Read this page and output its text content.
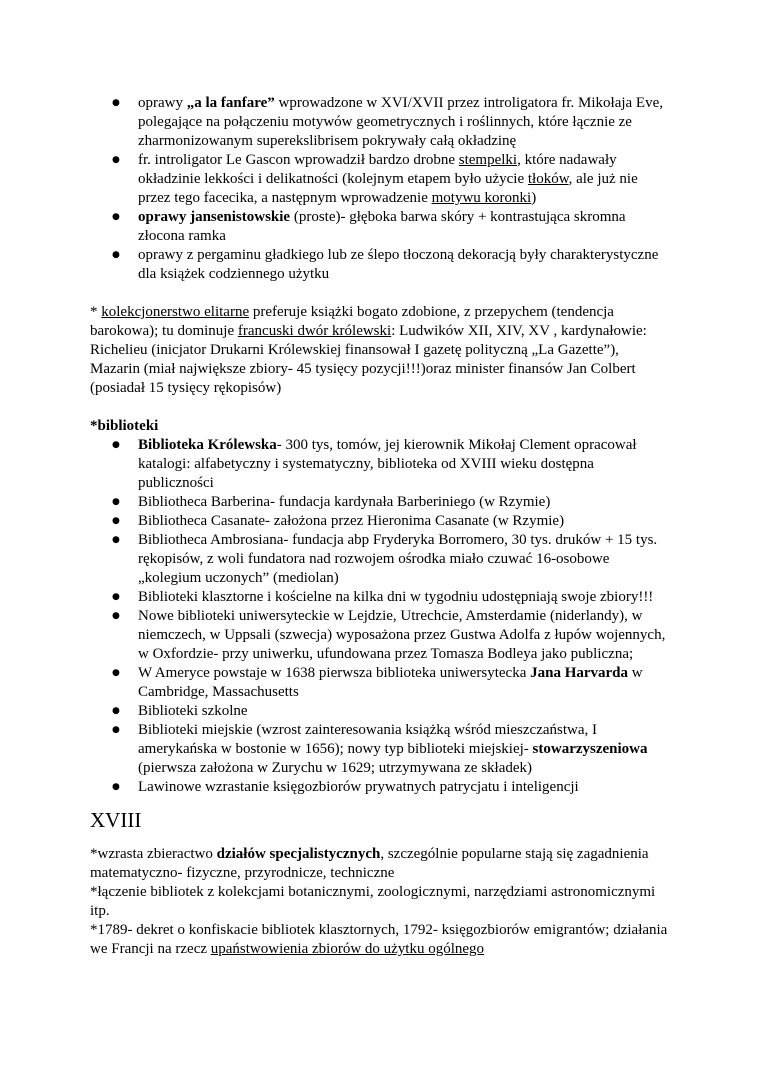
● oprawy „a la fanfare” wprowadzone w XVI/XVII przez introligatora fr. Mikołaja Eve, polegające na połączeniu motywów geometrycznych i roślinnych, które łącznie ze zharmonizowanym superekslibrisem pokrywały całą okładzinę
● fr. introligator Le Gascon wprowadził bardzo drobne stempelki, które nadawały okładzinie lekkości i delikatności (kolejnym etapem było użycie tłoków, ale już nie przez tego facecika, a następnym wprowadzenie motywu koronki)
● oprawy jansenistowskie (proste)- głęboka barwa skóry + kontrastująca skromna złocona ramka
● oprawy z pergaminu gładkiego lub ze ślepo tłoczoną dekoracją były charakterystyczne dla książek codziennego użytku

* kolekcjonerstwo elitarne preferuje książki bogato zdobione, z przepychem (tendencja barokowa); tu dominuje francuski dwór królewski: Ludwików XII, XIV, XV , kardynałowie: Richelieu (inicjator Drukarni Królewskiej finansował I gazetę polityczną „La Gazette”), Mazarin (miał największe zbiory- 45 tysięcy pozycji!!!)oraz minister finansów Jan Colbert (posiadał 15 tysięcy rękopisów)

*biblioteki

● Biblioteka Królewska- 300 tys, tomów, jej kierownik Mikołaj Clement opracował katalogi: alfabetyczny i systematyczny, biblioteka od XVIII wieku dostępna publiczności
● Bibliotheca Barberina- fundacja kardynała Barberiniego (w Rzymie)
● Bibliotheca Casanate- założona przez Hieronima Casanate (w Rzymie)
● Bibliotheca Ambrosiana- fundacja abp Fryderyka Borromero, 30 tys. druków + 15 tys. rękopisów, z woli fundatora nad rozwojem ośrodka miało czuwać 16-osobowe „kolegium uczonych” (mediolan)
● Biblioteki klasztorne i kościelne na kilka dni w tygodniu udostępniają swoje zbiory!!!
● Nowe biblioteki uniwersyteckie w Lejdzie, Utrechcie, Amsterdamie (niderlandy), w niemczech, w Uppsali (szwecja) wyposażona przez Gustwa Adolfa z łupów wojennych, w Oxfordzie- przy uniwerku, ufundowana przez Tomasza Bodleya jako publiczna;
● W Ameryce powstaje w 1638 pierwsza biblioteka uniwersytecka Jana Harvarda w Cambridge, Massachusetts
● Biblioteki szkolne
● Biblioteki miejskie (wzrost zainteresowania książką wśród mieszczaństwa, I amerykańska w bostonie w 1656); nowy typ biblioteki miejskiej- stowarzyszeniowa (pierwsza założona w Zurychu w 1629; utrzymywana ze składek)
● Lawinowe wzrastanie księgozbiorów prywatnych patrycjatu i inteligencji
XVIII

*wzrasta zbieractwo działów specjalistycznych, szczególnie popularne stają się zagadnienia matematyczno- fizyczne, przyrodnicze, techniczne

*łączenie bibliotek z kolekcjami botanicznymi, zoologicznymi, narzędziami astronomicznymi itp.

*1789- dekret o konfiskacie bibliotek klasztornych, 1792- księgozbiorów emigrantów; działania we Francji na rzecz upaństwowienia zbiorów do użytku ogólnego
